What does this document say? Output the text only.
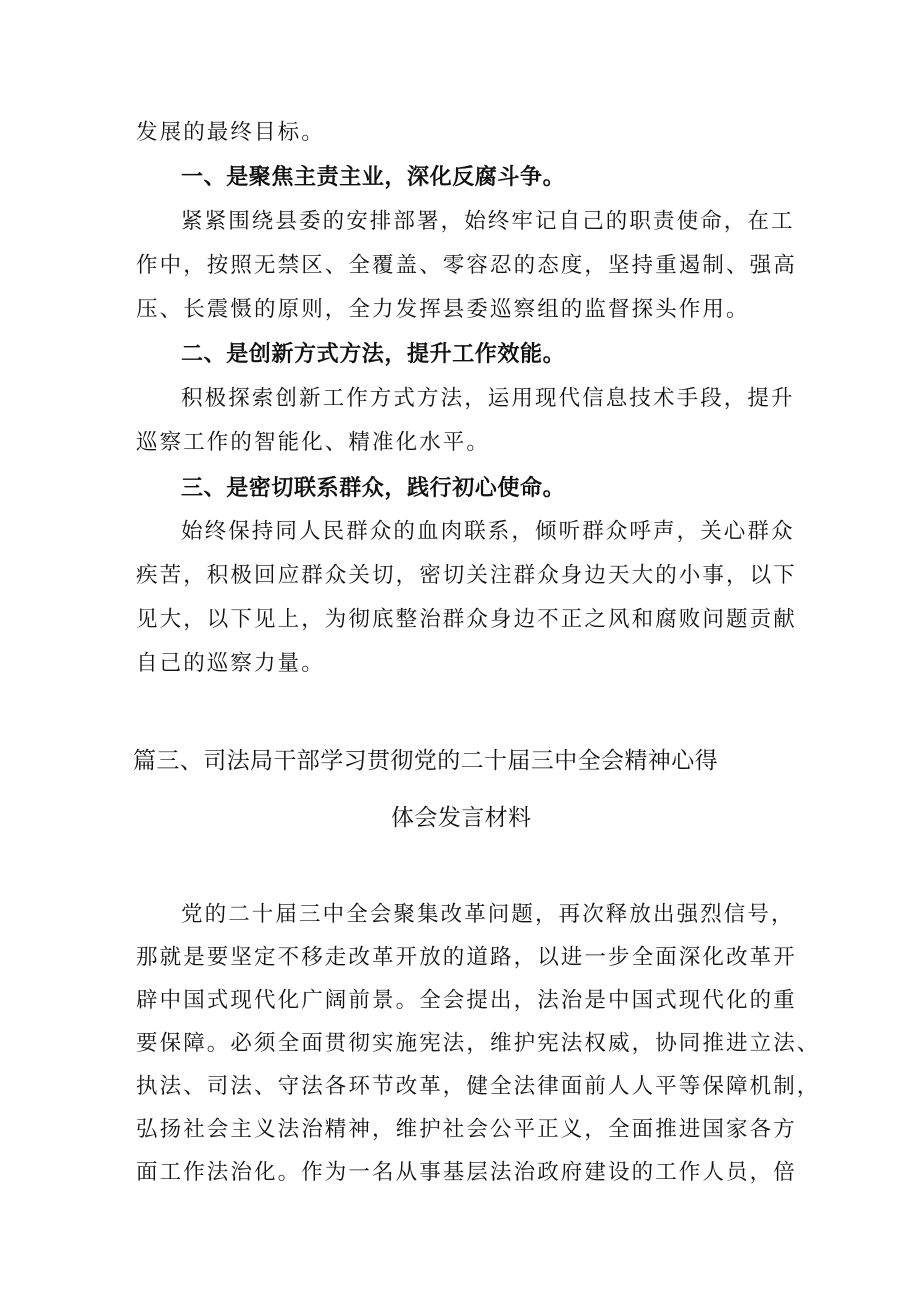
发展的最终目标。
一、是聚焦主责主业，深化反腐斗争。
紧紧围绕县委的安排部署，始终牢记自己的职责使命，在工
作中，按照无禁区、全覆盖、零容忍的态度，坚持重遏制、强高
压、长震慑的原则，全力发挥县委巡察组的监督探头作用。
二、是创新方式方法，提升工作效能。
积极探索创新工作方式方法，运用现代信息技术手段，提升
巡察工作的智能化、精准化水平。
三、是密切联系群众，践行初心使命。
始终保持同人民群众的血肉联系，倾听群众呼声，关心群众
疾苦，积极回应群众关切，密切关注群众身边天大的小事，以下
见大，以下见上，为彻底整治群众身边不正之风和腐败问题贡献
自己的巡察力量。
篇三、司法局干部学习贯彻党的二十届三中全会精神心得
体会发言材料
党的二十届三中全会聚集改革问题，再次释放出强烈信号，
那就是要坚定不移走改革开放的道路，以进一步全面深化改革开
辟中国式现代化广阔前景。全会提出，法治是中国式现代化的重
要保障。必须全面贯彻实施宪法，维护宪法权威，协同推进立法、
执法、司法、守法各环节改革，健全法律面前人人平等保障机制，
弘扬社会主义法治精神，维护社会公平正义，全面推进国家各方
面工作法治化。作为一名从事基层法治政府建设的工作人员，倍
